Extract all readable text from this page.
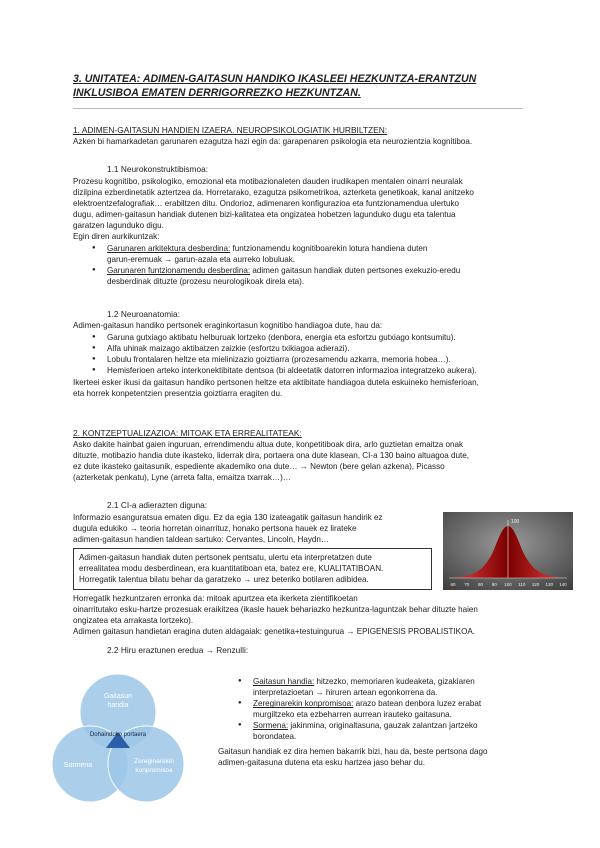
3. UNITATEA: ADIMEN-GAITASUN HANDIKO IKASLEEI HEZKUNTZA-ERANTZUN INKLUSIBOA EMATEN DERRIGORREZKO HEZKUNTZAN.
1. ADIMEN-GAITASUN HANDIEN IZAERA. NEUROPSIKOLOGIATIK HURBILTZEN:
Azken bi hamarkadetan garunaren ezagutza hazi egin da: garapenaren psikologia eta neurozientzia kognitiboa.
1.1 Neurokonstruktibismoa:
Prozesu kognitibo, psikologiko, emozional eta motibazionaleten dauden irudikapen mentalen oinarri neuralak
dizilpina ezberdinetatik aztertzea da. Horretarako, ezagutza psikometrikoa, azterketa genetikoak, kanal anitzeko
elektroentzefalografiak… erabiltzen ditu. Ondorioz, adimenaren konfigurazioa eta funtzionamendua ulertuko
dugu, adimen-gaitasun handiak dutenen bizi-kalitatea eta ongizatea hobetzen lagunduko dugu eta talentua
garatzen lagunduko digu.
Egin diren aurkikuntzak:
● Garunaren arkitektura desberdina: funtzionamendu kognitiboarekin lotura handiena duten
garun-eremuak → garun-azala eta aurreko lobuluak.
● Garunaren funtzionamendu desberdina: adimen gaitasun handiak duten pertsones exekuzio-eredu
desberdinak dituzte (prozesu neurologikoak direla eta).
1.2 Neuroanatomia:
Adimen-gaitasun handiko pertsonek eraginkortasun kognitibo handiagoa dute, hau da:
● Garuna gutxiago aktibatu helburuak lortzeko (denbora, energia eta esfortzu gutxiago kontsumitu).
● Alfa uhinak maizago aktibatzen zaizkie (esfortzu txikiagoa adierazi).
● Lobulu frontalaren heltze eta mielinizazio goiztiarra (prozesamendu azkarra, memoria hobea…).
● Hemisferioen arteko interkonektibitate dentsoa (bi aldeetatik datorren informazioa integratzeko aukera).
Ikerteei esker ikusi da gaitasun handiko pertsonen heltze eta aktibitate handiagoa dutela eskuineko hemisferioan,
eta horrek konpetentzien presentzia goiztiarra eragiten du.
2. KONTZEPTUALIZAZIOA: MITOAK ETA ERREALITATEAK:
Asko dakite hainbat gaien inguruan, errendimendu altua dute, konpetitiboak dira, arlo guztietan emaitza onak
dituzte, motibazio handia dute ikasteko, liderrak dira, portaera ona dute klasean, CI-a 130 baino altuagoa dute,
ez dute ikasteko gaitasunik, espediente akademiko ona dute… → Newton (bere gelan azkena), Picasso
(azterketak penkatu), Lyne (arreta falta, emaitza txarrak…)…
2.1 CI-a adierazten diguna:
Informazio esanguratsua ematen digu. Ez da egia 130 izateagatik gaitasun handirik ez
dugula edukiko → teoria horretan oinarrituz, honako pertsona hauek ez lirateke
adimen-gaitasun handien taldean sartuko: Cervantes, Lincoln, Haydn…
Adimen-gaitasun handiak duten pertsonek pentsatu, ulertu eta interpretatzen dute
errealitatea modu desberdinean, era kuantitatiboan eta, batez ere, KUALITATIBOAN.
Horregatik talentua bilatu behar da garatzeko → urez beteriko botilaren adibidea.
100
60 70 80 90 100 110 120 130 140
Horregatik hezkuntzaren erronka da: mitoak apurtzea eta ikerketa zientifikoetan
oinarritutako esku-hartze prozesuak eraikitzea (ikasle hauek behariazko hezkuntza-laguntzak behar dituzte haien
ongizatea eta arrakasta lortzeko).
Adimen gaitasun handietan eragina duten aldagaiak: genetika+testuingurua → EPIGENESIS PROBALISTIKOA.
2.2 Hiru eraztunen eredua → Renzulli:
Gaitasun
handia
Dohainduko portaera
Sormena
Zereginarekin
konpromisoa
● Gaitasun handia: hitzezko, memoriaren kudeaketa, gizakiaren
interpretazioetan → hiruren artean egonkorrena da.
● Zereginarekin konpromisoa: arazo batean denbora luzez erabat
murgiltzeko eta ezbeharren aurrean irauteko gaitasuna.
● Sormena: jakinmina, originaltasuna, gauzak zalantzan jartzeko
borondatea.
Gaitasun handiak ez dira hemen bakarrik bizi, hau da, beste pertsona dago
adimen-gaitasuna dutena eta esku hartzea jaso behar du.
